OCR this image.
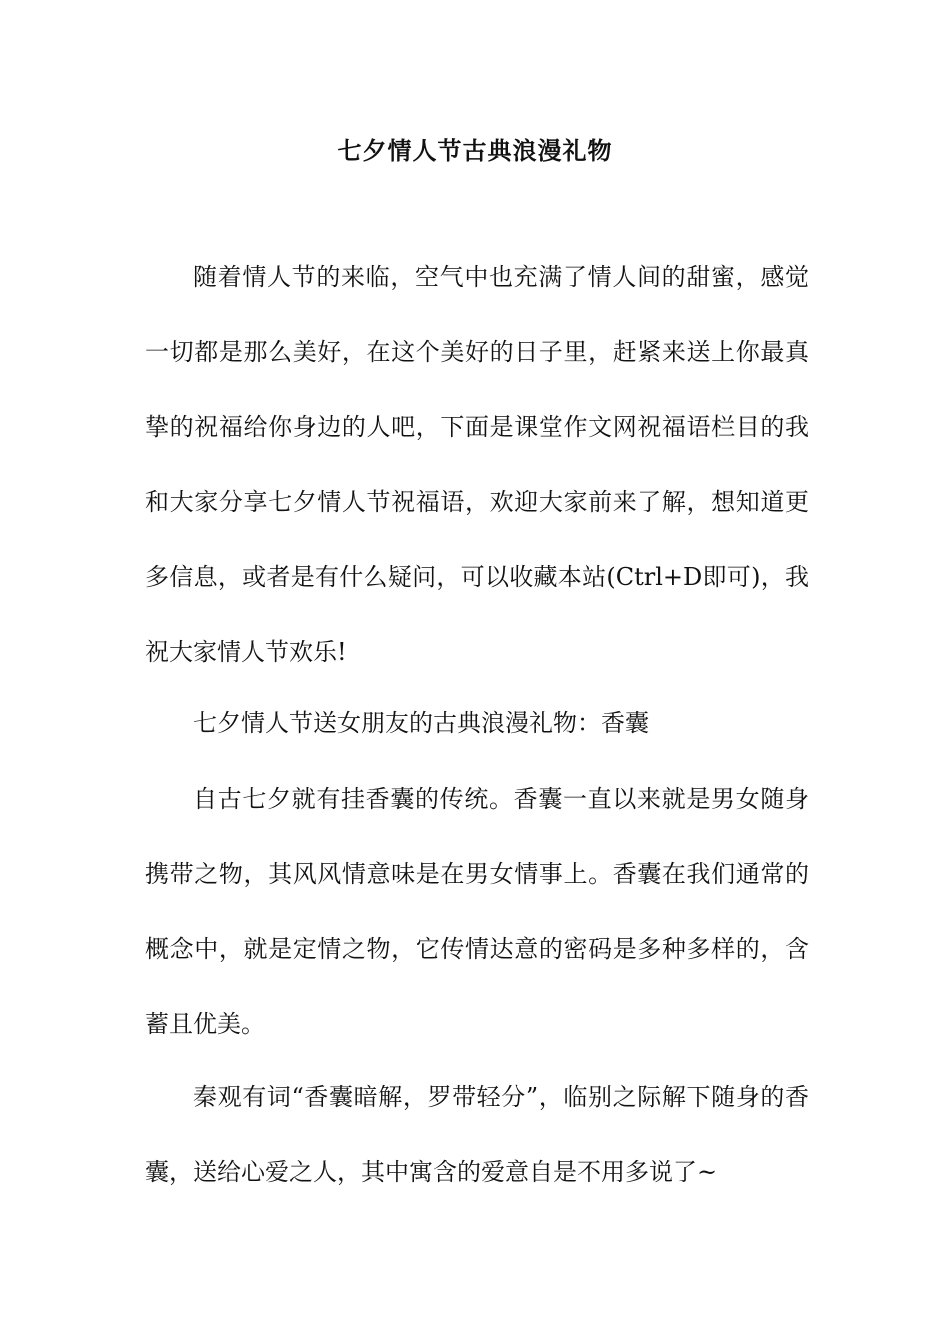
七夕情人节古典浪漫礼物
随着情人节的来临，空气中也充满了情人间的甜蜜，感觉一切都是那么美好，在这个美好的日子里，赶紧来送上你最真挚的祝福给你身边的人吧，下面是课堂作文网祝福语栏目的我和大家分享七夕情人节祝福语，欢迎大家前来了解，想知道更多信息，或者是有什么疑问，可以收藏本站(Ctrl+D即可)，我祝大家情人节欢乐!
七夕情人节送女朋友的古典浪漫礼物：香囊
自古七夕就有挂香囊的传统。香囊一直以来就是男女随身携带之物，其风风情意味是在男女情事上。香囊在我们通常的概念中，就是定情之物，它传情达意的密码是多种多样的，含蓄且优美。
秦观有词“香囊暗解，罗带轻分”，临别之际解下随身的香囊，送给心爱之人，其中寓含的爱意自是不用多说了~
